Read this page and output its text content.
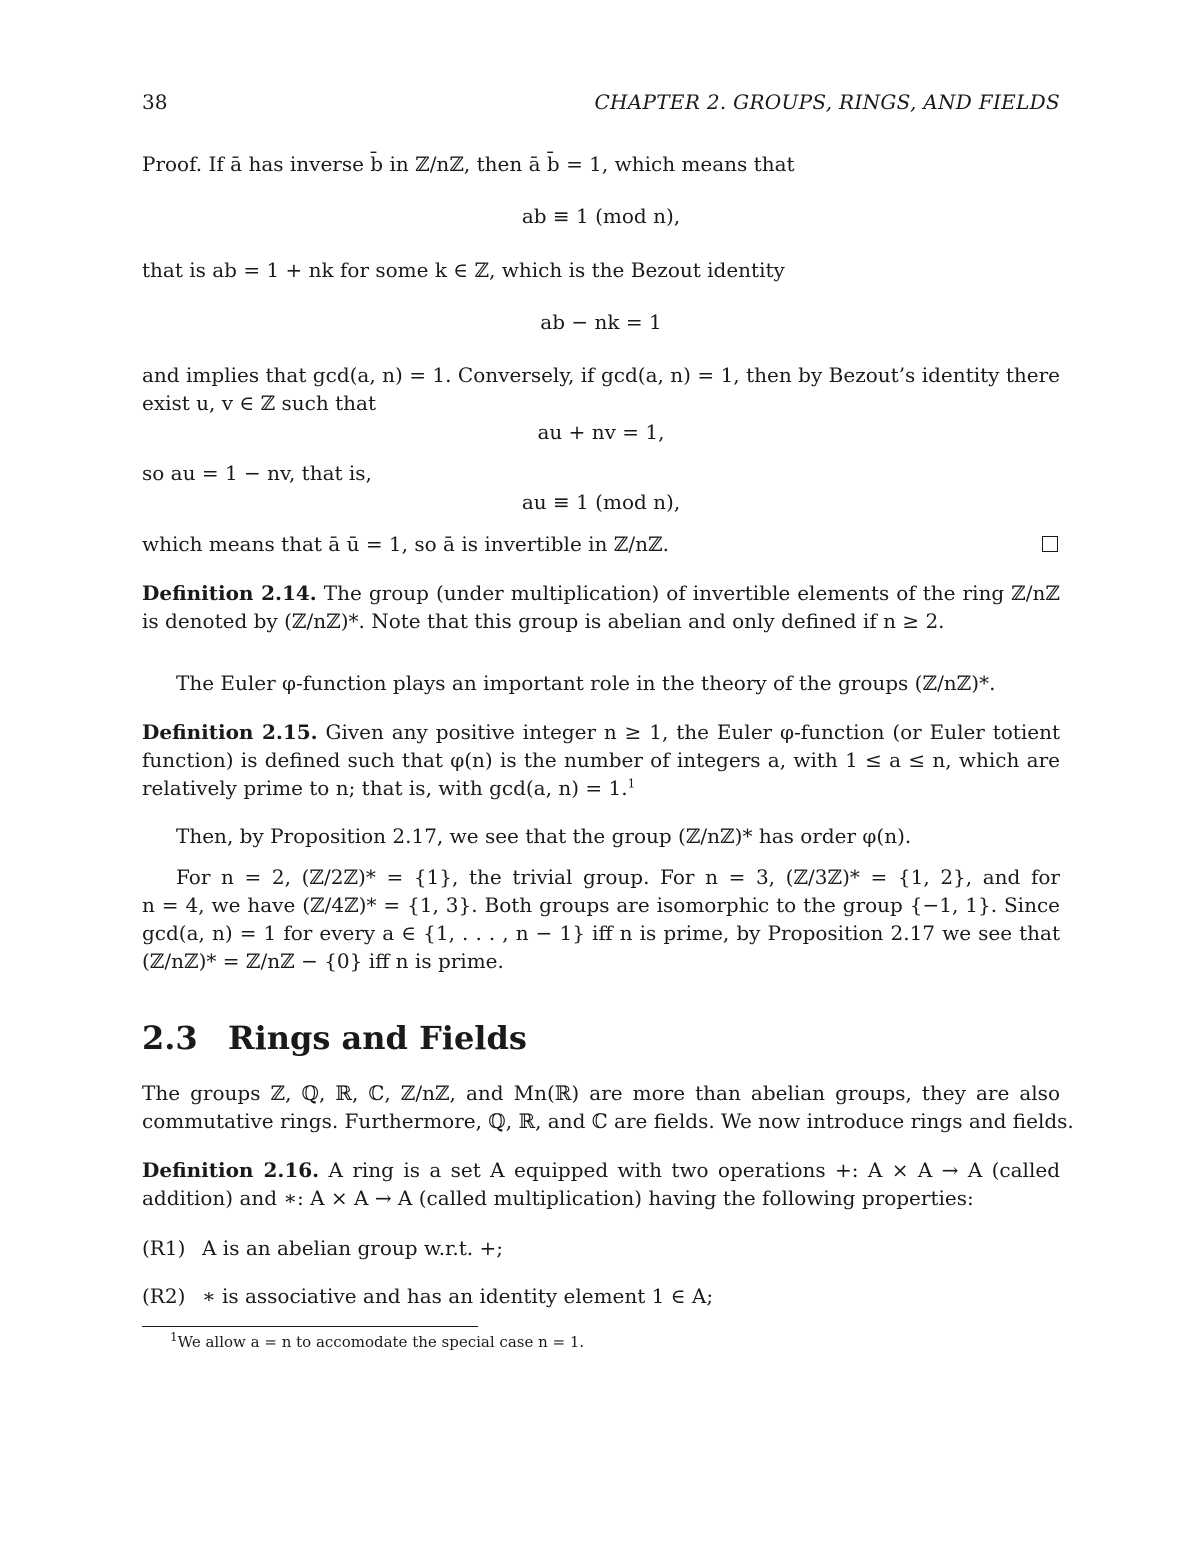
38	CHAPTER 2. GROUPS, RINGS, AND FIELDS
Proof. If ā has inverse b̄ in ℤ/nℤ, then ā b̄ = 1, which means that
ab ≡ 1 (mod n),
that is ab = 1 + nk for some k ∈ ℤ, which is the Bezout identity
ab − nk = 1
and implies that gcd(a, n) = 1. Conversely, if gcd(a, n) = 1, then by Bezout’s identity there
exist u, v ∈ ℤ such that
au + nv = 1,
so au = 1 − nv, that is,
au ≡ 1 (mod n),
which means that ā ū = 1, so ā is invertible in ℤ/nℤ.
Definition 2.14. The group (under multiplication) of invertible elements of the ring ℤ/nℤ
is denoted by (ℤ/nℤ)*. Note that this group is abelian and only defined if n ≥ 2.
The Euler φ-function plays an important role in the theory of the groups (ℤ/nℤ)*.
Definition 2.15. Given any positive integer n ≥ 1, the Euler φ-function (or Euler totient
function) is defined such that φ(n) is the number of integers a, with 1 ≤ a ≤ n, which are
relatively prime to n; that is, with gcd(a, n) = 1.$^1$
Then, by Proposition 2.17, we see that the group (ℤ/nℤ)* has order φ(n).
For n = 2, (ℤ/2ℤ)* = {1}, the trivial group. For n = 3, (ℤ/3ℤ)* = {1, 2}, and for
n = 4, we have (ℤ/4ℤ)* = {1, 3}. Both groups are isomorphic to the group {−1, 1}. Since
gcd(a, n) = 1 for every a ∈ {1, . . . , n − 1} iff n is prime, by Proposition 2.17 we see that
(ℤ/nℤ)* = ℤ/nℤ − {0} iff n is prime.
2.3 Rings and Fields
The groups ℤ, ℚ, ℝ, ℂ, ℤ/nℤ, and Mn(ℝ) are more than abelian groups, they are also
commutative rings. Furthermore, ℚ, ℝ, and ℂ are fields. We now introduce rings and fields.
Definition 2.16. A ring is a set A equipped with two operations +: A × A → A (called
addition) and ∗: A × A → A (called multiplication) having the following properties:
(R1) A is an abelian group w.r.t. +;
(R2) ∗ is associative and has an identity element 1 ∈ A;
$^1$We allow a = n to accomodate the special case n = 1.
